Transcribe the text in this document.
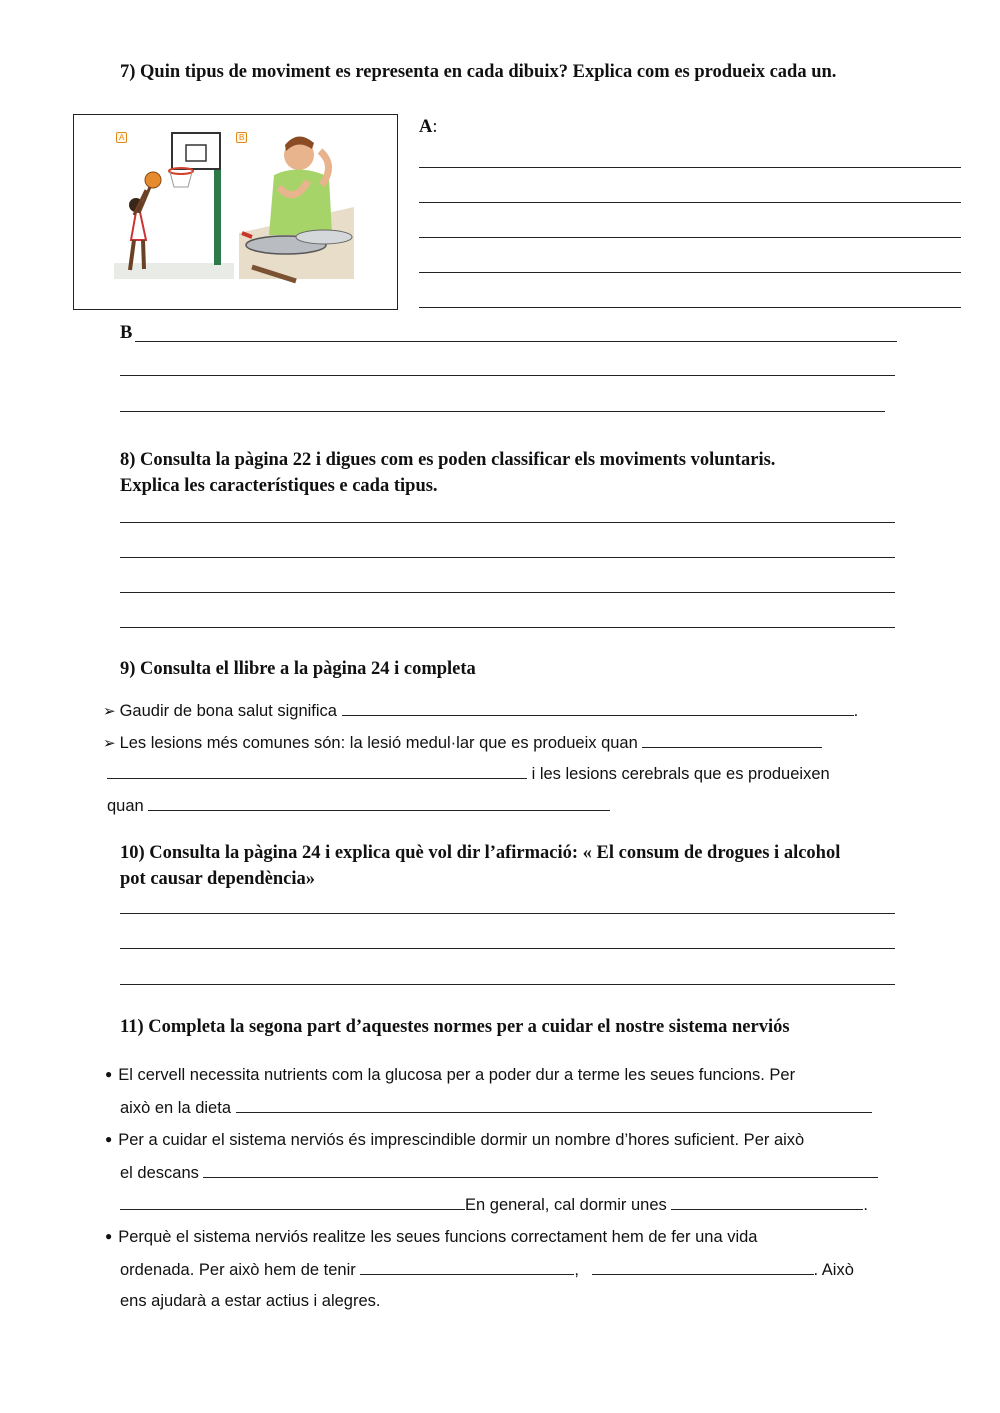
7) Quin tipus de moviment es representa en cada dibuix? Explica com es produeix cada un.
A	B
A:
B
8) Consulta la pàgina 22 i digues com es poden classificar els moviments voluntaris.
Explica les característiques e cada tipus.
9) Consulta el llibre a la pàgina 24 i completa
➢ Gaudir de bona salut significa	.
➢ Les lesions més comunes són: la lesió medul·lar que es produeix quan
i les lesions cerebrals que es produeixen
quan
10) Consulta la pàgina 24 i explica què vol dir l’afirmació: « El consum de drogues i alcohol
pot causar dependència»
11) Completa la segona part d’aquestes normes per a cuidar el nostre sistema nerviós
● El cervell necessita nutrients com la glucosa per a poder dur a terme les seues funcions. Per
això en la dieta
● Per a cuidar el sistema nerviós és imprescindible dormir un nombre d’hores suficient. Per això
el descans
En general, cal dormir unes	.
● Perquè el sistema nerviós realitze les seues funcions correctament hem de fer una vida
ordenada. Per això hem de tenir	,	. Això
ens ajudarà a estar actius i alegres.
